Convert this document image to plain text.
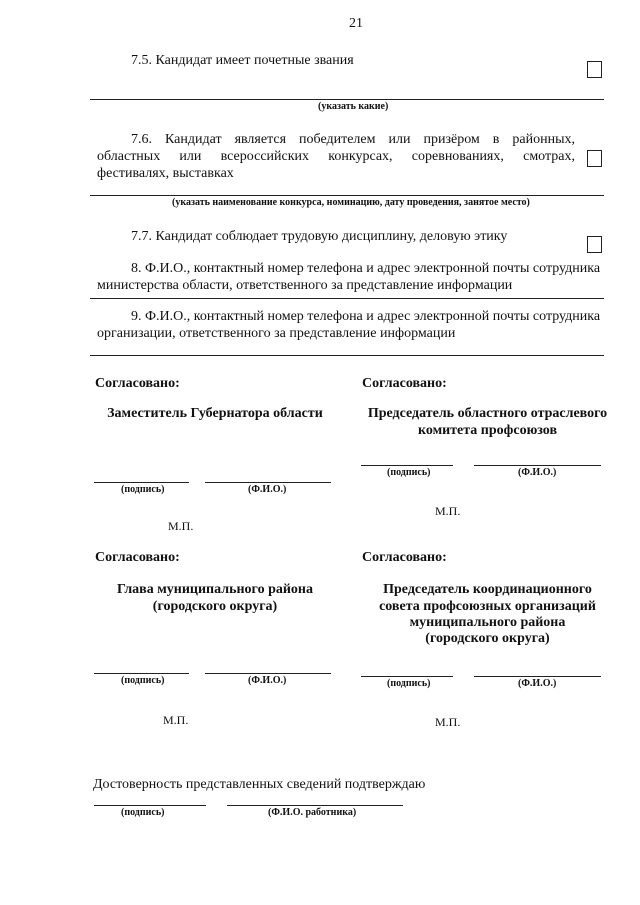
21
7.5. Кандидат имеет почетные звания
(указать какие)
7.6. Кандидат является победителем или призёром в районных,
областных или всероссийских конкурсах, соревнованиях, смотрах,
фестивалях, выставках
(указать наименование конкурса, номинацию, дату проведения, занятое место)
7.7. Кандидат соблюдает трудовую дисциплину, деловую этику
8. Ф.И.О., контактный номер телефона и адрес электронной почты сотрудника
министерства области, ответственного за представление информации
9. Ф.И.О., контактный номер телефона и адрес электронной почты сотрудника
организации, ответственного за представление информации
Согласовано:	Согласовано:
Заместитель Губернатора области	Председатель областного отраслевого
комитета профсоюзов
(подпись)	(Ф.И.О.)
М.П.
(подпись)	(Ф.И.О.)
М.П.
Согласовано:	Согласовано:
Глава муниципального района
(городского округа)
Председатель координационного
совета профсоюзных организаций
муниципального района
(городского округа)
(подпись)	(Ф.И.О.)
М.П.
(подпись)	(Ф.И.О.)
М.П.
Достоверность представленных сведений подтверждаю
(подпись)	(Ф.И.О. работника)
